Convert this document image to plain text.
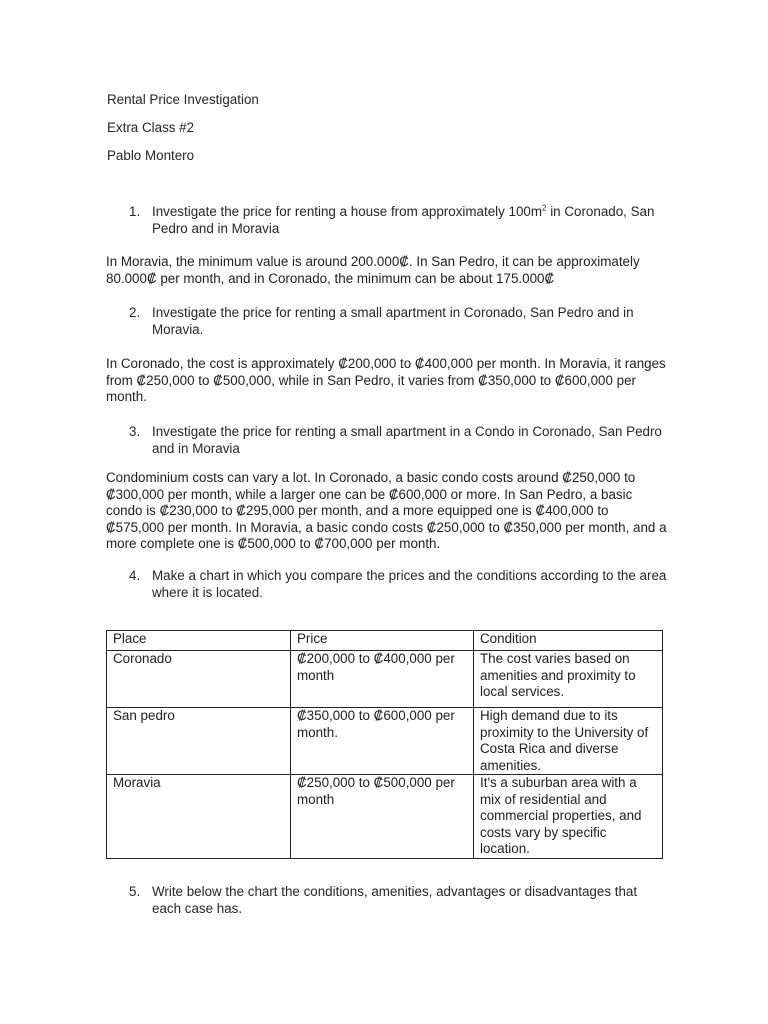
Rental Price Investigation
Extra Class #2
Pablo Montero
1. Investigate the price for renting a house from approximately $100m^2$ in Coronado, San Pedro and in Moravia
In Moravia, the minimum value is around 200.000₡. In San Pedro, it can be approximately 80.000₡ per month, and in Coronado, the minimum can be about 175.000₡
2. Investigate the price for renting a small apartment in Coronado, San Pedro and in Moravia.
In Coronado, the cost is approximately ₡200,000 to ₡400,000 per month. In Moravia, it ranges from ₡250,000 to ₡500,000, while in San Pedro, it varies from ₡350,000 to ₡600,000 per month.
3. Investigate the price for renting a small apartment in a Condo in Coronado, San Pedro and in Moravia
Condominium costs can vary a lot. In Coronado, a basic condo costs around ₡250,000 to ₡300,000 per month, while a larger one can be ₡600,000 or more. In San Pedro, a basic condo is ₡230,000 to ₡295,000 per month, and a more equipped one is ₡400,000 to ₡575,000 per month. In Moravia, a basic condo costs ₡250,000 to ₡350,000 per month, and a more complete one is ₡500,000 to ₡700,000 per month.
4. Make a chart in which you compare the prices and the conditions according to the area where it is located.
Place	Price	Condition
Coronado	₡200,000 to ₡400,000 per month	The cost varies based on amenities and proximity to local services.
San pedro	₡350,000 to ₡600,000 per month.	High demand due to its proximity to the University of Costa Rica and diverse amenities.
Moravia	₡250,000 to ₡500,000 per month	It's a suburban area with a mix of residential and commercial properties, and costs vary by specific location.
5. Write below the chart the conditions, amenities, advantages or disadvantages that each case has.
